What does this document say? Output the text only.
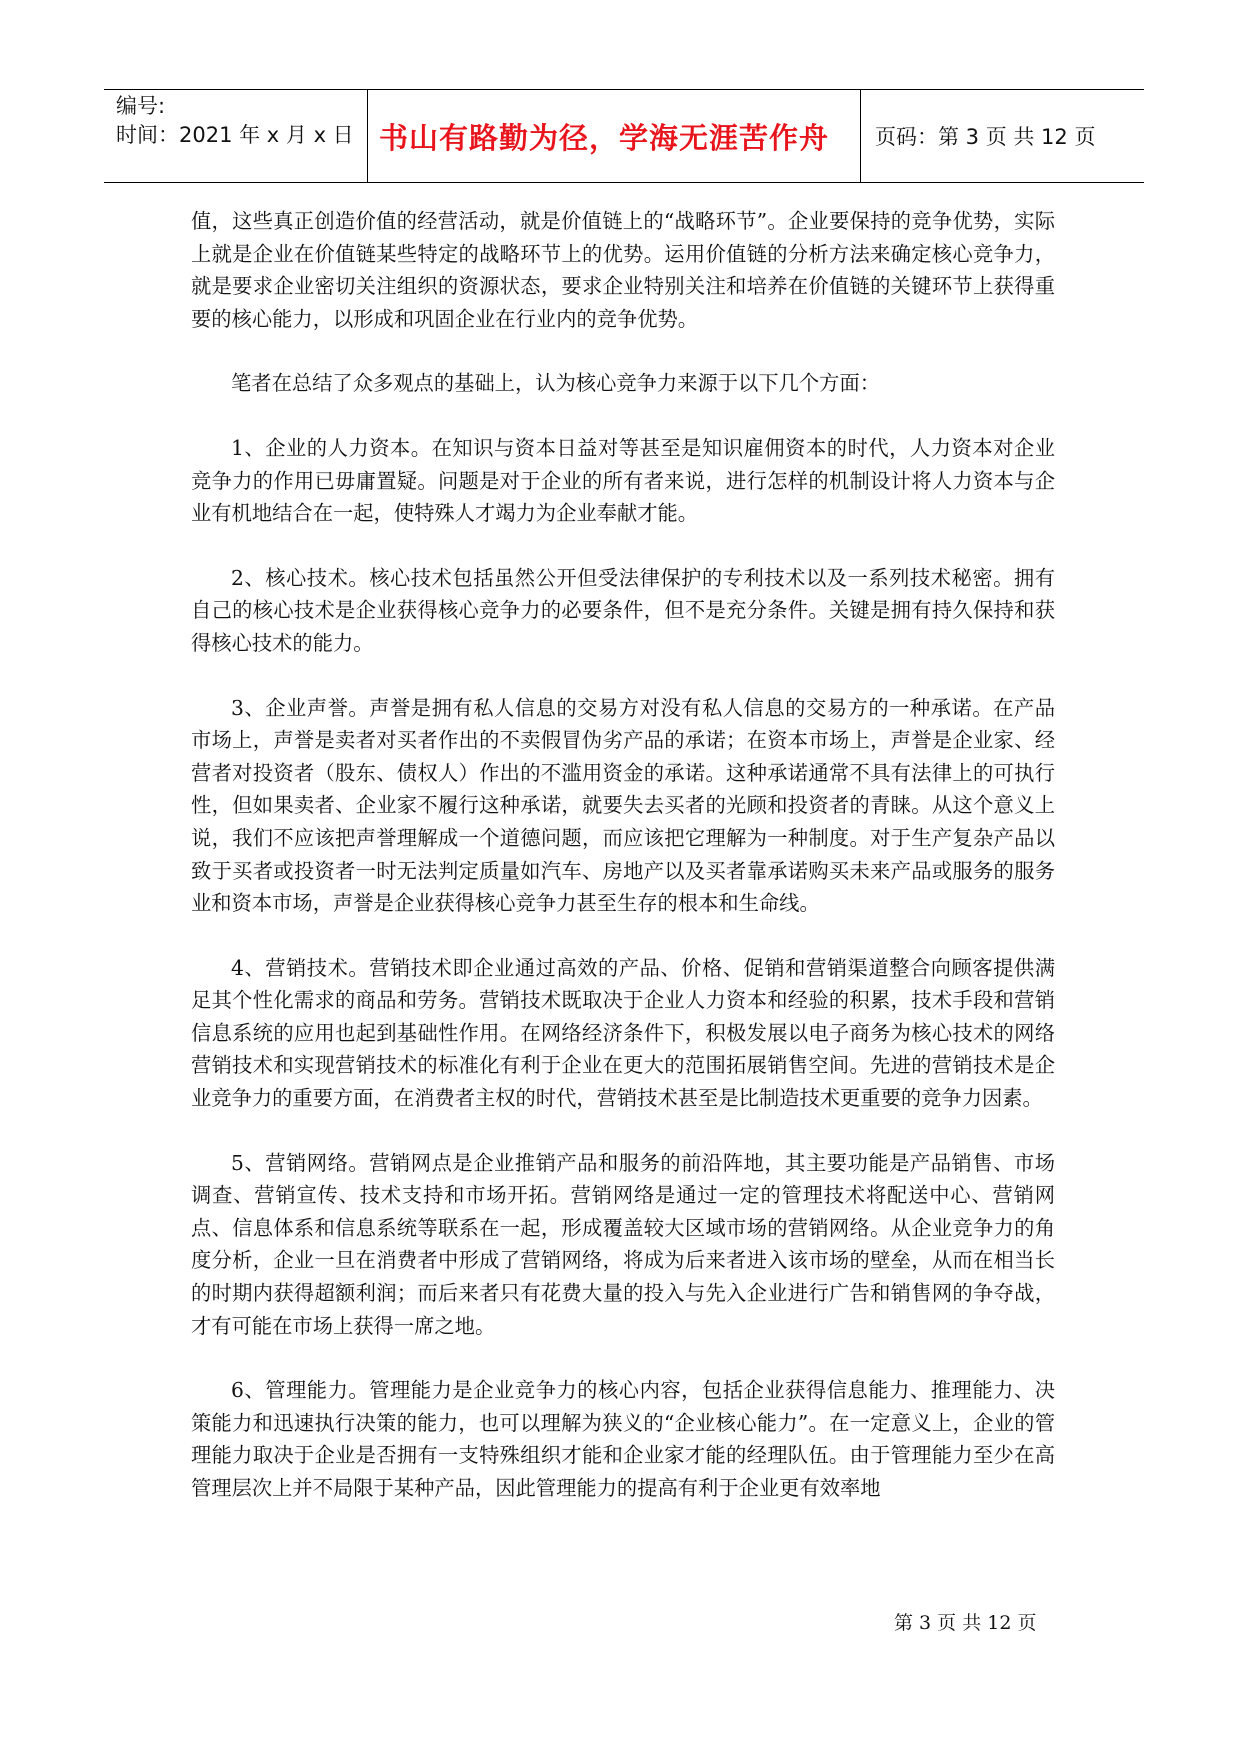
编号:
时间：2021 年 x 月 x 日 书山有路勤为径，学海无涯苦作舟 页码：第 3 页 共 12 页

值，这些真正创造价值的经营活动，就是价值链上的“战略环节”。企业要保持的竞争优势，实际上就是企业在价值链某些特定的战略环节上的优势。运用价值链的分析方法来确定核心竞争力，就是要求企业密切关注组织的资源状态，要求企业特别关注和培养在价值链的关键环节上获得重要的核心能力，以形成和巩固企业在行业内的竞争优势。

笔者在总结了众多观点的基础上，认为核心竞争力来源于以下几个方面：

1、企业的人力资本。在知识与资本日益对等甚至是知识雇佣资本的时代，人力资本对企业竞争力的作用已毋庸置疑。问题是对于企业的所有者来说，进行怎样的机制设计将人力资本与企业有机地结合在一起，使特殊人才竭力为企业奉献才能。

2、核心技术。核心技术包括虽然公开但受法律保护的专利技术以及一系列技术秘密。拥有自己的核心技术是企业获得核心竞争力的必要条件，但不是充分条件。关键是拥有持久保持和获得核心技术的能力。

3、企业声誉。声誉是拥有私人信息的交易方对没有私人信息的交易方的一种承诺。在产品市场上，声誉是卖者对买者作出的不卖假冒伪劣产品的承诺；在资本市场上，声誉是企业家、经营者对投资者（股东、债权人）作出的不滥用资金的承诺。这种承诺通常不具有法律上的可执行性，但如果卖者、企业家不履行这种承诺，就要失去买者的光顾和投资者的青睐。从这个意义上说，我们不应该把声誉理解成一个道德问题，而应该把它理解为一种制度。对于生产复杂产品以致于买者或投资者一时无法判定质量如汽车、房地产以及买者靠承诺购买未来产品或服务的服务业和资本市场，声誉是企业获得核心竞争力甚至生存的根本和生命线。

4、营销技术。营销技术即企业通过高效的产品、价格、促销和营销渠道整合向顾客提供满足其个性化需求的商品和劳务。营销技术既取决于企业人力资本和经验的积累，技术手段和营销信息系统的应用也起到基础性作用。在网络经济条件下，积极发展以电子商务为核心技术的网络营销技术和实现营销技术的标准化有利于企业在更大的范围拓展销售空间。先进的营销技术是企业竞争力的重要方面，在消费者主权的时代，营销技术甚至是比制造技术更重要的竞争力因素。

5、营销网络。营销网点是企业推销产品和服务的前沿阵地，其主要功能是产品销售、市场调查、营销宣传、技术支持和市场开拓。营销网络是通过一定的管理技术将配送中心、营销网点、信息体系和信息系统等联系在一起，形成覆盖较大区域市场的营销网络。从企业竞争力的角度分析，企业一旦在消费者中形成了营销网络，将成为后来者进入该市场的壁垒，从而在相当长的时期内获得超额利润；而后来者只有花费大量的投入与先入企业进行广告和销售网的争夺战，才有可能在市场上获得一席之地。

6、管理能力。管理能力是企业竞争力的核心内容，包括企业获得信息能力、推理能力、决策能力和迅速执行决策的能力，也可以理解为狭义的“企业核心能力”。在一定意义上，企业的管理能力取决于企业是否拥有一支特殊组织才能和企业家才能的经理队伍。由于管理能力至少在高管理层次上并不局限于某种产品，因此管理能力的提高有利于企业更有效率地

第 3 页 共 12 页
